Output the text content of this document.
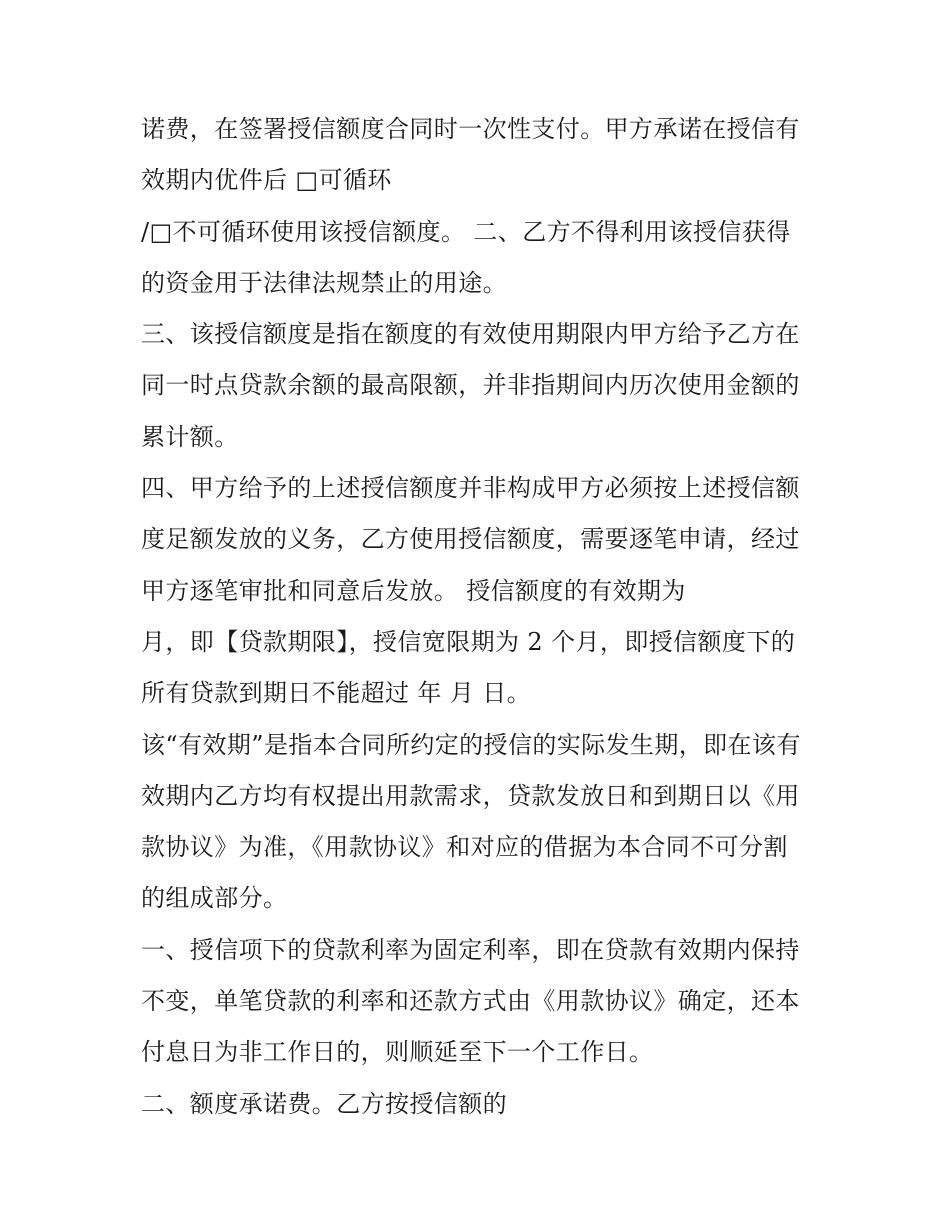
诺费，在签署授信额度合同时一次性支付。甲方承诺在授信有
效期内优件后 □可循环
/□不可循环使用该授信额度。 二、乙方不得利用该授信获得
的资金用于法律法规禁止的用途。
三、该授信额度是指在额度的有效使用期限内甲方给予乙方在
同一时点贷款余额的最高限额，并非指期间内历次使用金额的
累计额。
四、甲方给予的上述授信额度并非构成甲方必须按上述授信额
度足额发放的义务，乙方使用授信额度，需要逐笔申请，经过
甲方逐笔审批和同意后发放。 授信额度的有效期为
月，即【贷款期限】，授信宽限期为 2 个月，即授信额度下的
所有贷款到期日不能超过 年 月 日。
该“有效期”是指本合同所约定的授信的实际发生期，即在该有
效期内乙方均有权提出用款需求，贷款发放日和到期日以《用
款协议》为准，《用款协议》和对应的借据为本合同不可分割
的组成部分。
一、授信项下的贷款利率为固定利率，即在贷款有效期内保持
不变，单笔贷款的利率和还款方式由《用款协议》确定，还本
付息日为非工作日的，则顺延至下一个工作日。
二、额度承诺费。乙方按授信额的
